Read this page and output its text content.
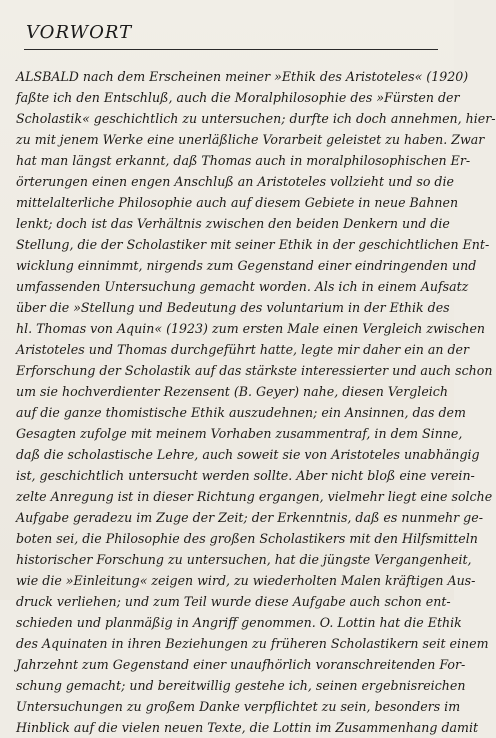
VORWORT
ALSBALD nach dem Erscheinen meiner »Ethik des Aristoteles« (1920)
faßte ich den Entschluß, auch die Moralphilosophie des »Fürsten der
Scholastik« geschichtlich zu untersuchen; durfte ich doch annehmen, hier-
zu mit jenem Werke eine unerläßliche Vorarbeit geleistet zu haben. Zwar
hat man längst erkannt, daß Thomas auch in moralphilosophischen Er-
örterungen einen engen Anschluß an Aristoteles vollzieht und so die
mittelalterliche Philosophie auch auf diesem Gebiete in neue Bahnen
lenkt; doch ist das Verhältnis zwischen den beiden Denkern und die
Stellung, die der Scholastiker mit seiner Ethik in der geschichtlichen Ent-
wicklung einnimmt, nirgends zum Gegenstand einer eindringenden und
umfassenden Untersuchung gemacht worden. Als ich in einem Aufsatz
über die »Stellung und Bedeutung des voluntarium in der Ethik des
hl. Thomas von Aquin« (1923) zum ersten Male einen Vergleich zwischen
Aristoteles und Thomas durchgeführt hatte, legte mir daher ein an der
Erforschung der Scholastik auf das stärkste interessierter und auch schon
um sie hochverdienter Rezensent (B. Geyer) nahe, diesen Vergleich
auf die ganze thomistische Ethik auszudehnen; ein Ansinnen, das dem
Gesagten zufolge mit meinem Vorhaben zusammentraf, in dem Sinne,
daß die scholastische Lehre, auch soweit sie von Aristoteles unabhängig
ist, geschichtlich untersucht werden sollte. Aber nicht bloß eine verein-
zelte Anregung ist in dieser Richtung ergangen, vielmehr liegt eine solche
Aufgabe geradezu im Zuge der Zeit; der Erkenntnis, daß es nunmehr ge-
boten sei, die Philosophie des großen Scholastikers mit den Hilfsmitteln
historischer Forschung zu untersuchen, hat die jüngste Vergangenheit,
wie die »Einleitung« zeigen wird, zu wiederholten Malen kräftigen Aus-
druck verliehen; und zum Teil wurde diese Aufgabe auch schon ent-
schieden und planmäßig in Angriff genommen. O. Lottin hat die Ethik
des Aquinaten in ihren Beziehungen zu früheren Scholastikern seit einem
Jahrzehnt zum Gegenstand einer unaufhörlich voranschreitenden For-
schung gemacht; und bereitwillig gestehe ich, seinen ergebnisreichen
Untersuchungen zu großem Danke verpflichtet zu sein, besonders im
Hinblick auf die vielen neuen Texte, die Lottin im Zusammenhang damit
